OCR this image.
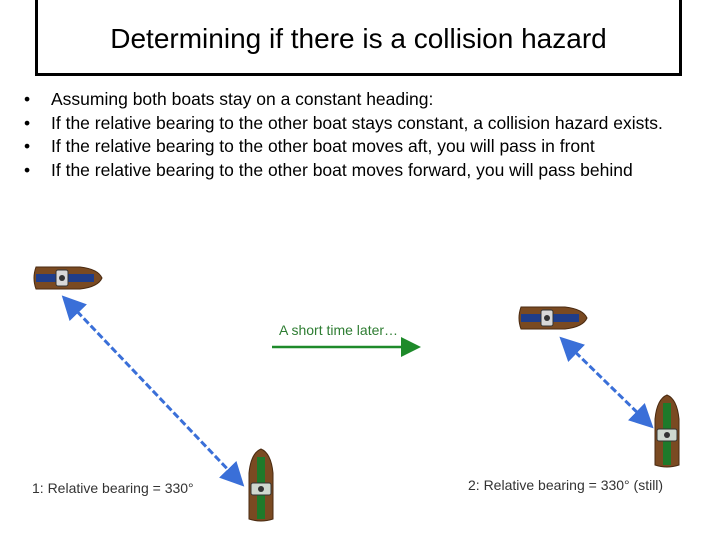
Determining if there is a collision hazard
• Assuming both boats stay on a constant heading:
• If the relative bearing to the other boat stays constant, a collision hazard exists.
• If the relative bearing to the other boat moves aft, you will pass in front
• If the relative bearing to the other boat moves forward, you will pass behind
A short time later…
1: Relative bearing = 330°	2: Relative bearing = 330° (still)
